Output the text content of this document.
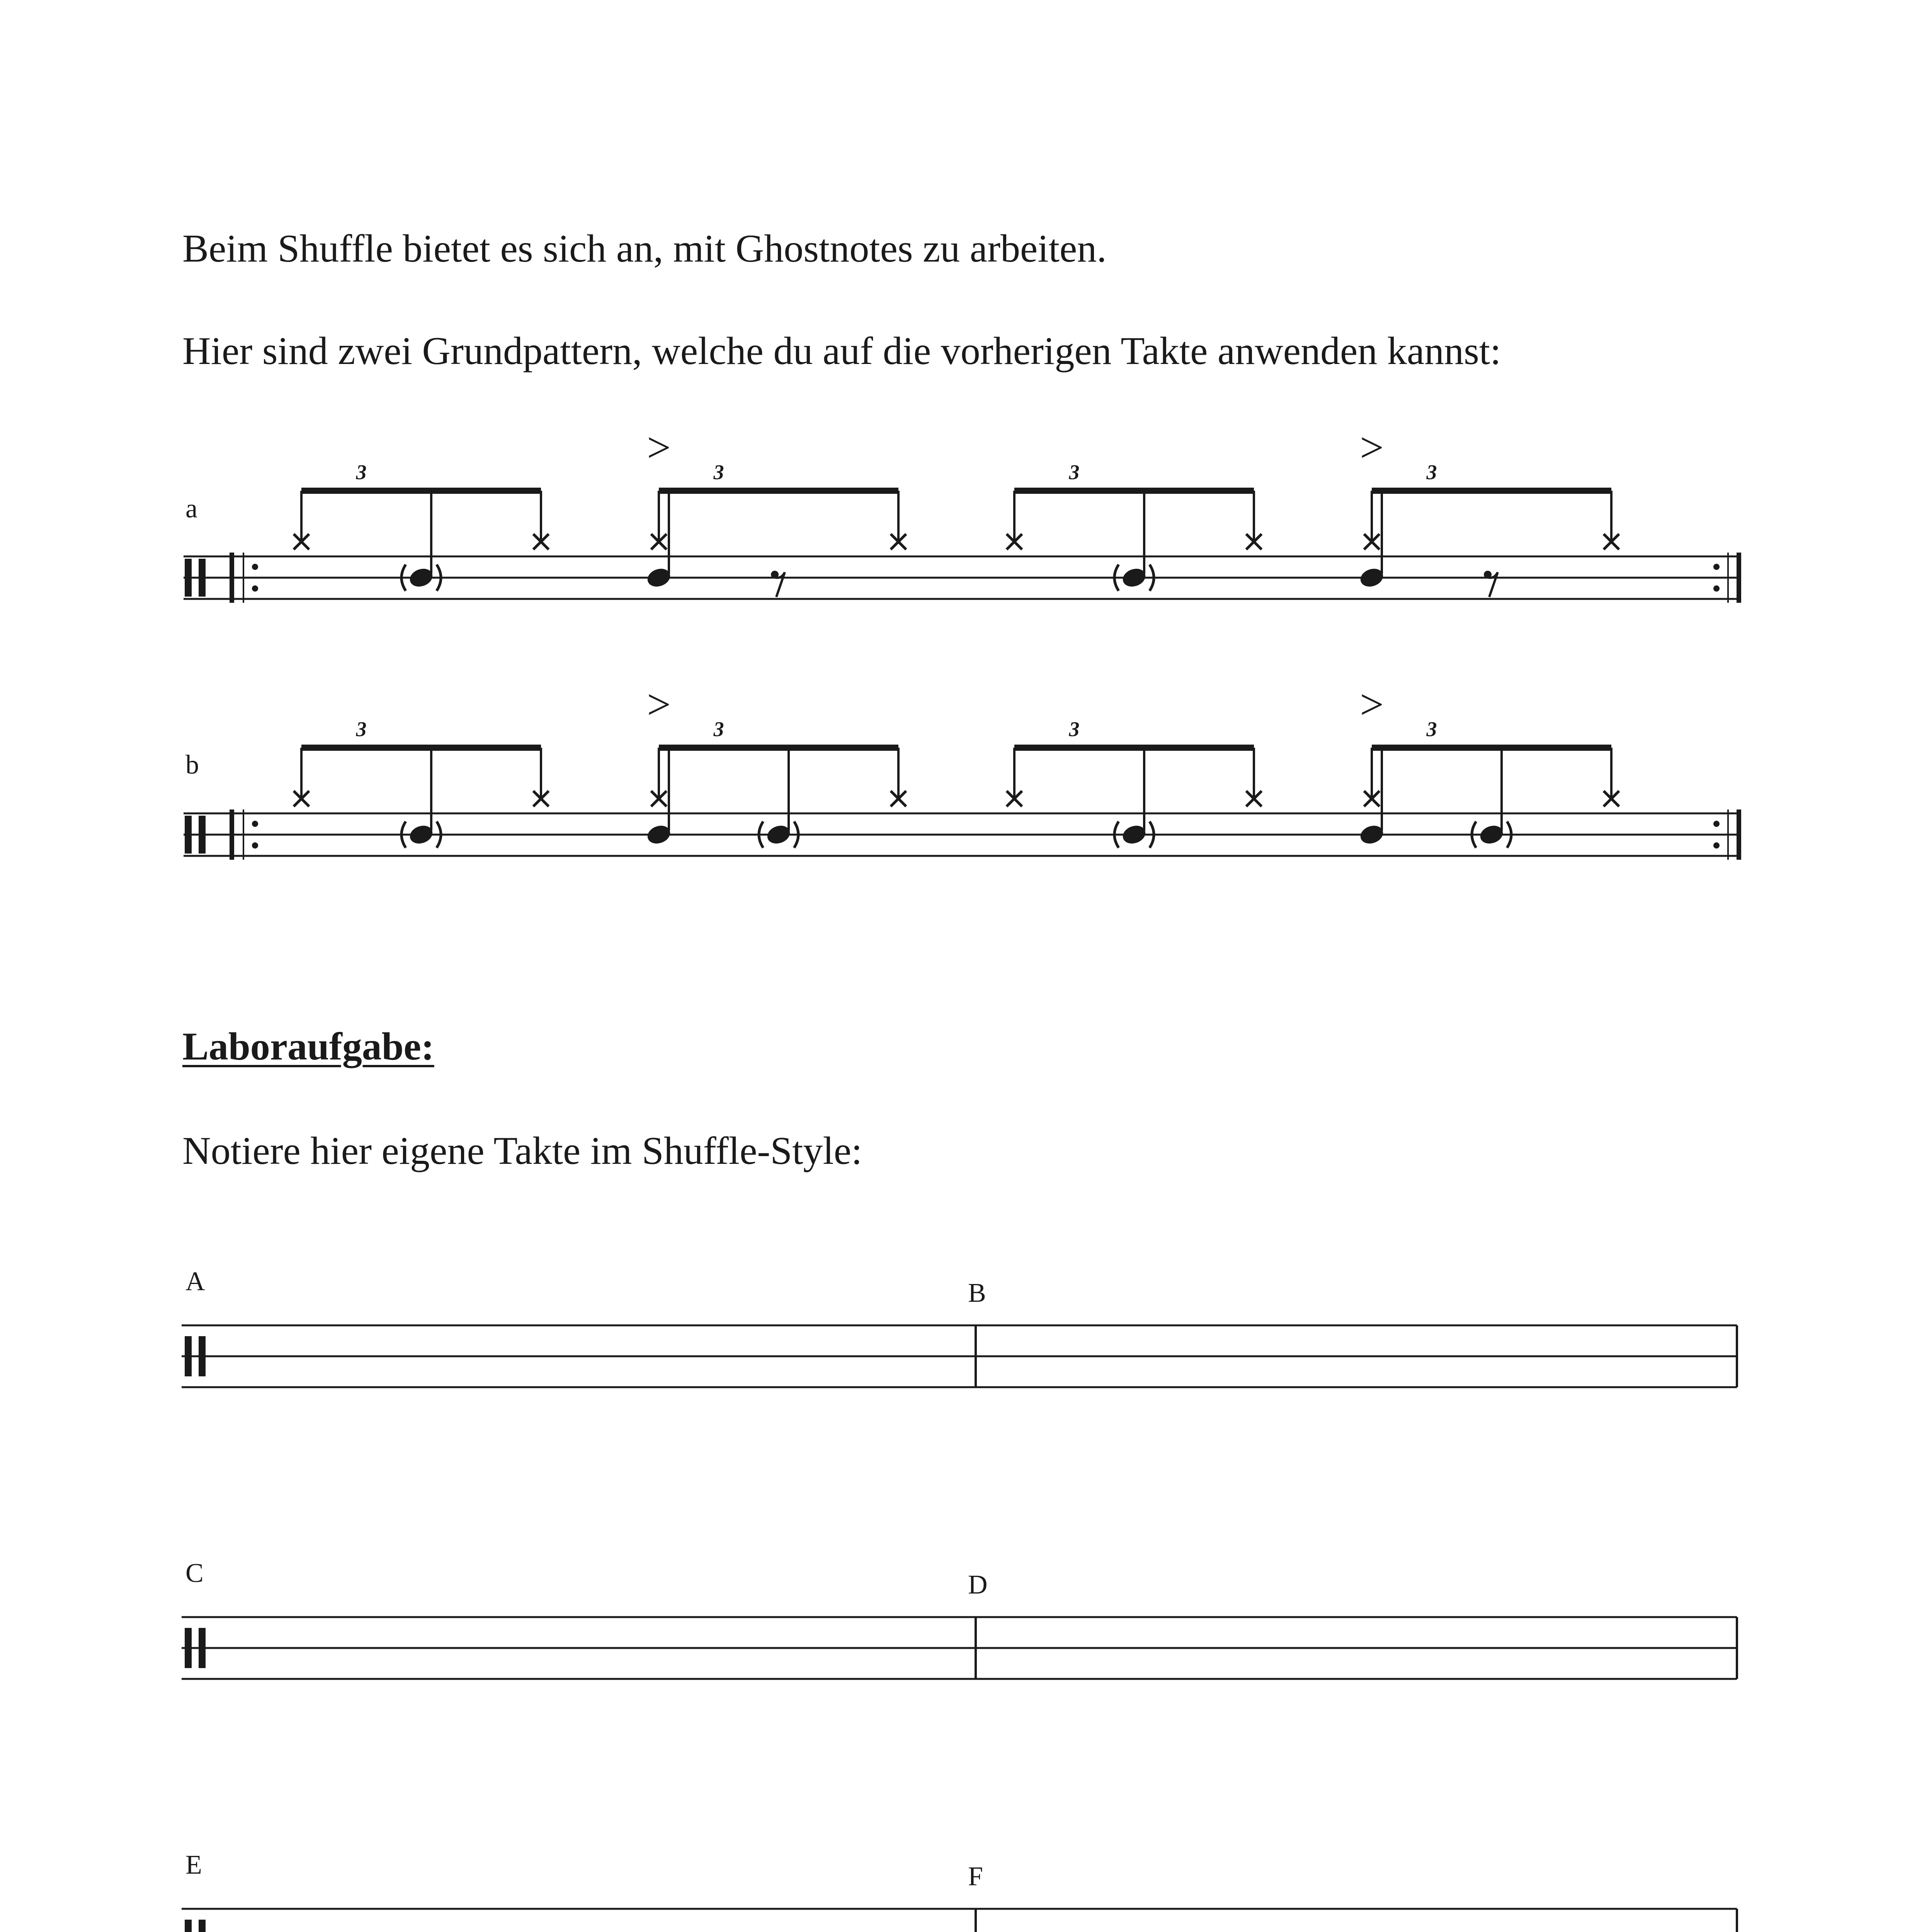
Beim Shuffle bietet es sich an, mit Ghostnotes zu arbeiten.
Hier sind zwei Grundpattern, welche du auf die vorherigen Takte anwenden kannst:
a
b
3	3
>
3	3
>
3	3
>
3	3
>
Laboraufgabe:
Notiere hier eigene Takte im Shuffle-Style:
A	B
C	D
E	F
